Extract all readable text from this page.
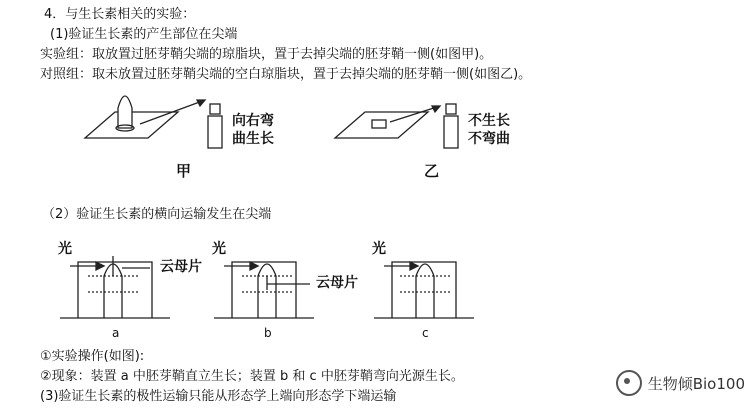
4．与生长素相关的实验：
(1)验证生长素的产生部位在尖端
实验组：取放置过胚芽鞘尖端的琼脂块，置于去掉尖端的胚芽鞘一侧(如图甲)。
对照组：取未放置过胚芽鞘尖端的空白琼脂块，置于去掉尖端的胚芽鞘一侧(如图乙)。
向右弯
曲生长
甲
不生长
不弯曲
乙
（2）验证生长素的横向运输发生在尖端
光
云母片
a
光
云母片
b
光
c
①实验操作(如图):
②现象：装置 a 中胚芽鞘直立生长；装置 b 和 c 中胚芽鞘弯向光源生长。
(3)验证生长素的极性运输只能从形态学上端向形态学下端运输
生物倾Bio100
